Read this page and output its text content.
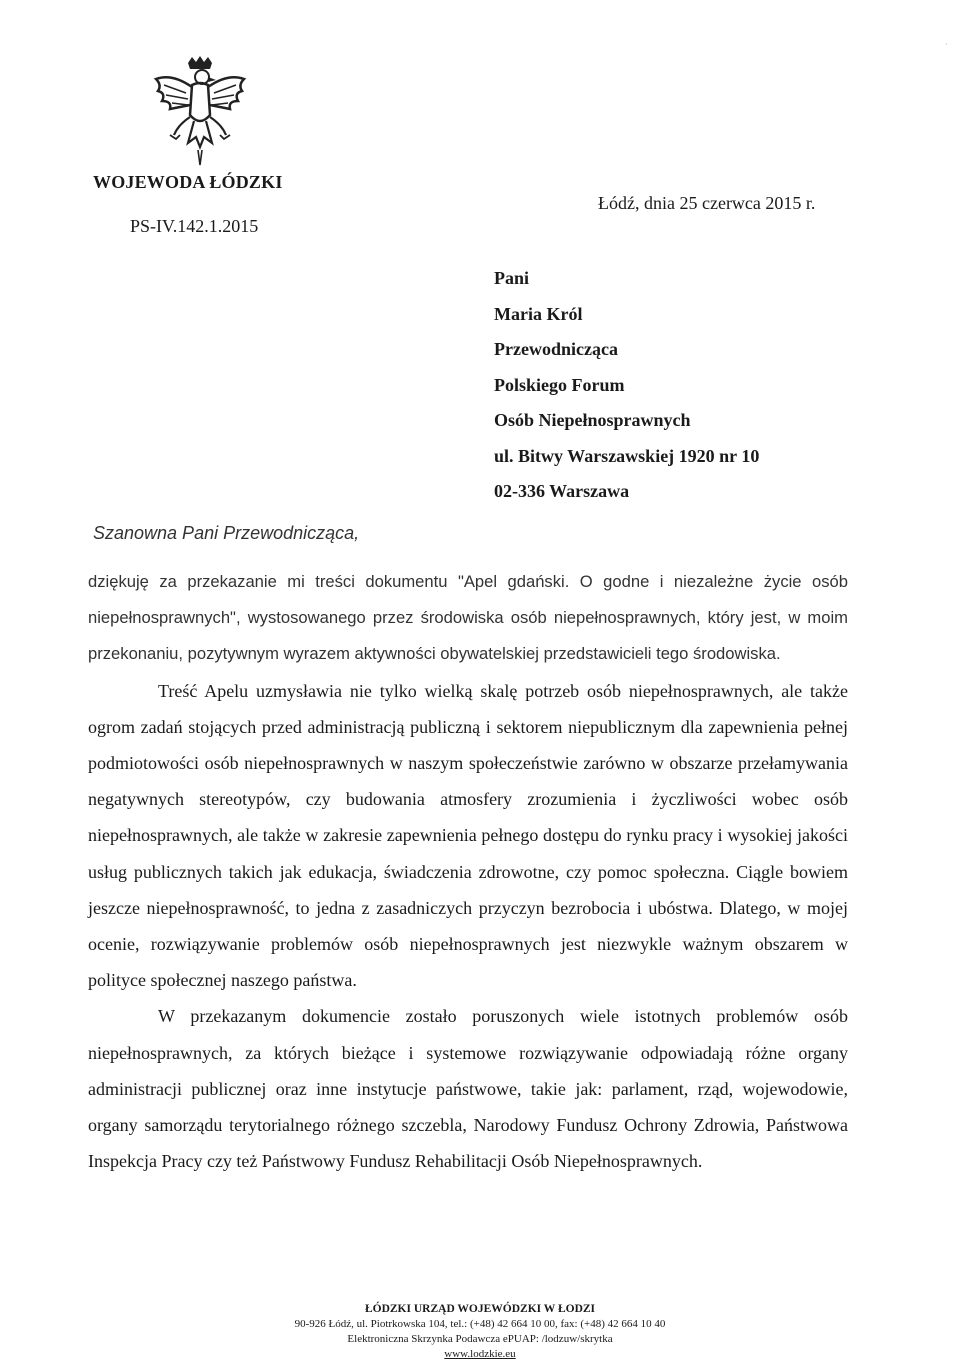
WOJEWODA ŁÓDZKI
PS-IV.142.1.2015
Łódź, dnia 25 czerwca 2015 r.
Pani
Maria Król
Przewodnicząca
Polskiego Forum
Osób Niepełnosprawnych
ul. Bitwy Warszawskiej 1920 nr 10
02-336 Warszawa
Szanowna Pani Przewodnicząca,

dziękuję za przekazanie mi treści dokumentu "Apel gdański. O godne i niezależne życie osób niepełnosprawnych", wystosowanego przez środowiska osób niepełnosprawnych, który jest, w moim przekonaniu, pozytywnym wyrazem aktywności obywatelskiej przedstawicieli tego środowiska.

Treść Apelu uzmysławia nie tylko wielką skalę potrzeb osób niepełnosprawnych, ale także ogrom zadań stojących przed administracją publiczną i sektorem niepublicznym dla zapewnienia pełnej podmiotowości osób niepełnosprawnych w naszym społeczeństwie zarówno w obszarze przełamywania negatywnych stereotypów, czy budowania atmosfery zrozumienia i życzliwości wobec osób niepełnosprawnych, ale także w zakresie zapewnienia pełnego dostępu do rynku pracy i wysokiej jakości usług publicznych takich jak edukacja, świadczenia zdrowotne, czy pomoc społeczna. Ciągle bowiem jeszcze niepełnosprawność, to jedna z zasadniczych przyczyn bezrobocia i ubóstwa. Dlatego, w mojej ocenie, rozwiązywanie problemów osób niepełnosprawnych jest niezwykle ważnym obszarem w polityce społecznej naszego państwa.

W przekazanym dokumencie zostało poruszonych wiele istotnych problemów osób niepełnosprawnych, za których bieżące i systemowe rozwiązywanie odpowiadają różne organy administracji publicznej oraz inne instytucje państwowe, takie jak: parlament, rząd, wojewodowie, organy samorządu terytorialnego różnego szczebla, Narodowy Fundusz Ochrony Zdrowia, Państwowa Inspekcja Pracy czy też Państwowy Fundusz Rehabilitacji Osób Niepełnosprawnych.

ŁÓDZKI URZĄD WOJEWÓDZKI W ŁODZI
90-926 Łódź, ul. Piotrkowska 104, tel.: (+48) 42 664 10 00, fax: (+48) 42 664 10 40
Elektroniczna Skrzynka Podawcza ePUAP: /lodzuw/skrytka
www.lodzkie.eu
·
